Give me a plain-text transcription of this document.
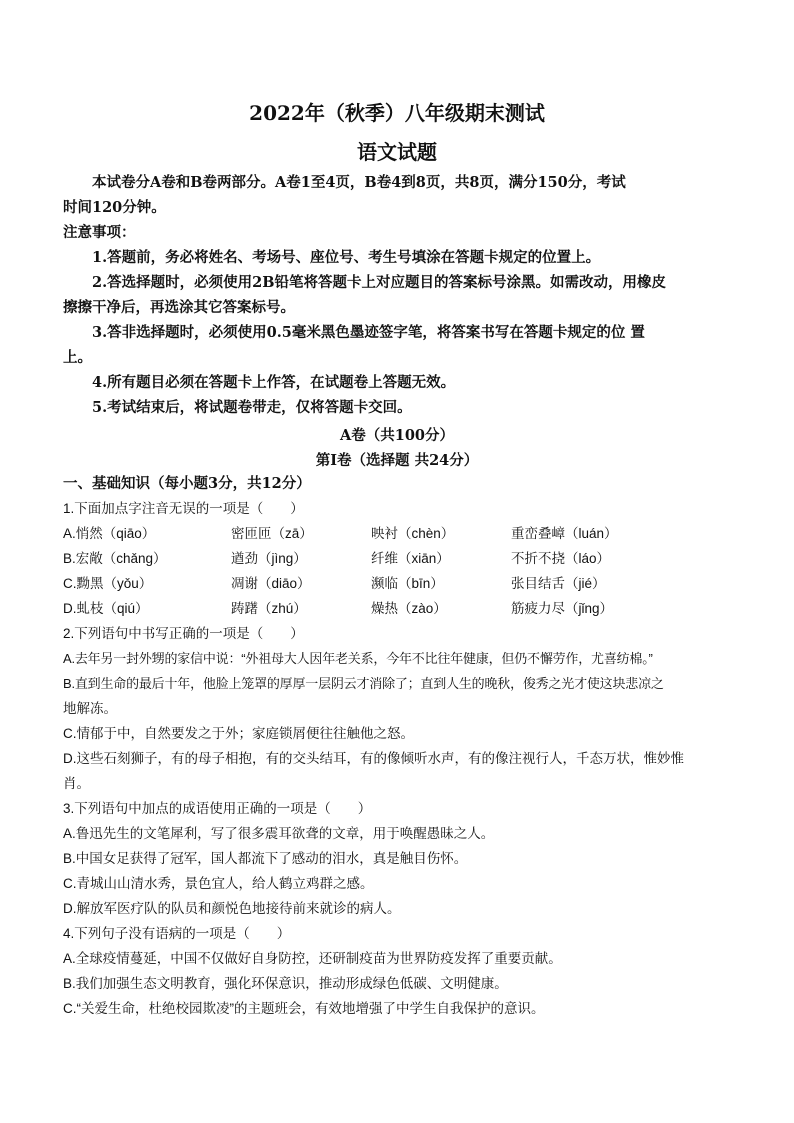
2022年（秋季）八年级期末测试
语文试题
本试卷分A卷和B卷两部分。A卷1至4页，B卷4到8页，共8页，满分150分，考试
时间120分钟。
注意事项：
1.答题前，务必将姓名、考场号、座位号、考生号填涂在答题卡规定的位置上。
2.答选择题时，必须使用2B铅笔将答题卡上对应题目的答案标号涂黑。如需改动，用橡皮
擦擦干净后，再选涂其它答案标号。
3.答非选择题时，必须使用0.5毫米黑色墨迹签字笔，将答案书写在答题卡规定的位 置
上。
4.所有题目必须在答题卡上作答，在试题卷上答题无效。
5.考试结束后，将试题卷带走，仅将答题卡交回。
A卷（共100分）
第Ⅰ卷（选择题 共24分）
一、基础知识（每小题3分，共12分）
1.下面加点字注音无误的一项是（　　）
A.悄然（qiāo）	密匝匝（zā）	映衬（chèn）	重峦叠嶂（luán）
B.宏敞（chǎng）	遒劲（jìng）	纤维（xiān）	不折不挠（láo）
C.黝黑（yǒu）	凋谢（diāo）	濒临（bīn）	张目结舌（jié）
D.虬枝（qiú）	踌躇（zhú）	燥热（zào）	筋疲力尽（jǐng）
2.下列语句中书写正确的一项是（　　）
A.去年另一封外甥的家信中说：“外祖母大人因年老关系，今年不比往年健康，但仍不懈劳作，尤喜纺棉。”
B.直到生命的最后十年，他脸上笼罩的厚厚一层阴云才消除了；直到人生的晚秋，俊秀之光才使这块悲凉之
地解冻。
C.情郁于中，自然要发之于外；家庭锁屑便往往触他之怒。
D.这些石刻狮子，有的母子相抱，有的交头结耳，有的像倾听水声，有的像注视行人，千态万状，惟妙惟
肖。
3.下列语句中加点的成语使用正确的一项是（　　）
A.鲁迅先生的文笔犀利，写了很多震耳欲聋的文章，用于唤醒愚昧之人。
B.中国女足获得了冠军，国人都流下了感动的泪水，真是触目伤怀。
C.青城山山清水秀，景色宜人，给人鹤立鸡群之感。
D.解放军医疗队的队员和颜悦色地接待前来就诊的病人。
4.下列句子没有语病的一项是（　　）
A.全球疫情蔓延，中国不仅做好自身防控，还研制疫苗为世界防疫发挥了重要贡献。
B.我们加强生态文明教育，强化环保意识，推动形成绿色低碳、文明健康。
C.“关爱生命，杜绝校园欺凌”的主题班会，有效地增强了中学生自我保护的意识。
